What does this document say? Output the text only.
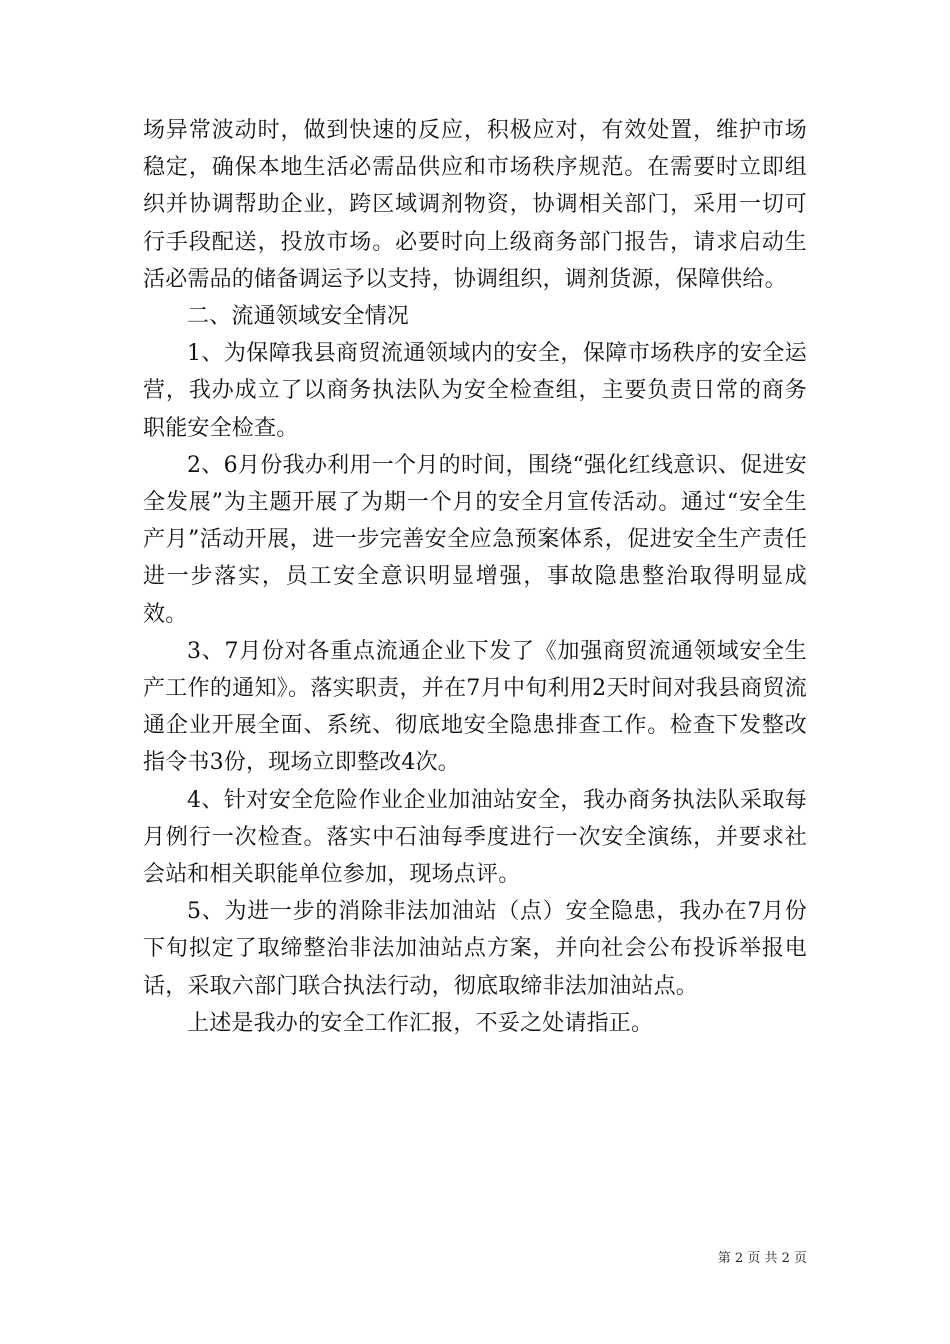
场异常波动时，做到快速的反应，积极应对，有效处置，维护市场稳定，确保本地生活必需品供应和市场秩序规范。在需要时立即组织并协调帮助企业，跨区域调剂物资，协调相关部门，采用一切可行手段配送，投放市场。必要时向上级商务部门报告，请求启动生活必需品的储备调运予以支持，协调组织，调剂货源，保障供给。

二、流通领域安全情况

1、为保障我县商贸流通领域内的安全，保障市场秩序的安全运营，我办成立了以商务执法队为安全检查组，主要负责日常的商务职能安全检查。

2、6月份我办利用一个月的时间，围绕“强化红线意识、促进安全发展”为主题开展了为期一个月的安全月宣传活动。通过“安全生产月”活动开展，进一步完善安全应急预案体系，促进安全生产责任进一步落实，员工安全意识明显增强，事故隐患整治取得明显成效。

3、7月份对各重点流通企业下发了《加强商贸流通领域安全生产工作的通知》。落实职责，并在7月中旬利用2天时间对我县商贸流通企业开展全面、系统、彻底地安全隐患排查工作。检查下发整改指令书3份，现场立即整改4次。

4、针对安全危险作业企业加油站安全，我办商务执法队采取每月例行一次检查。落实中石油每季度进行一次安全演练，并要求社会站和相关职能单位参加，现场点评。

5、为进一步的消除非法加油站（点）安全隐患，我办在7月份下旬拟定了取缔整治非法加油站点方案，并向社会公布投诉举报电话，采取六部门联合执法行动，彻底取缔非法加油站点。

上述是我办的安全工作汇报，不妥之处请指正。

第 2 页 共 2 页
